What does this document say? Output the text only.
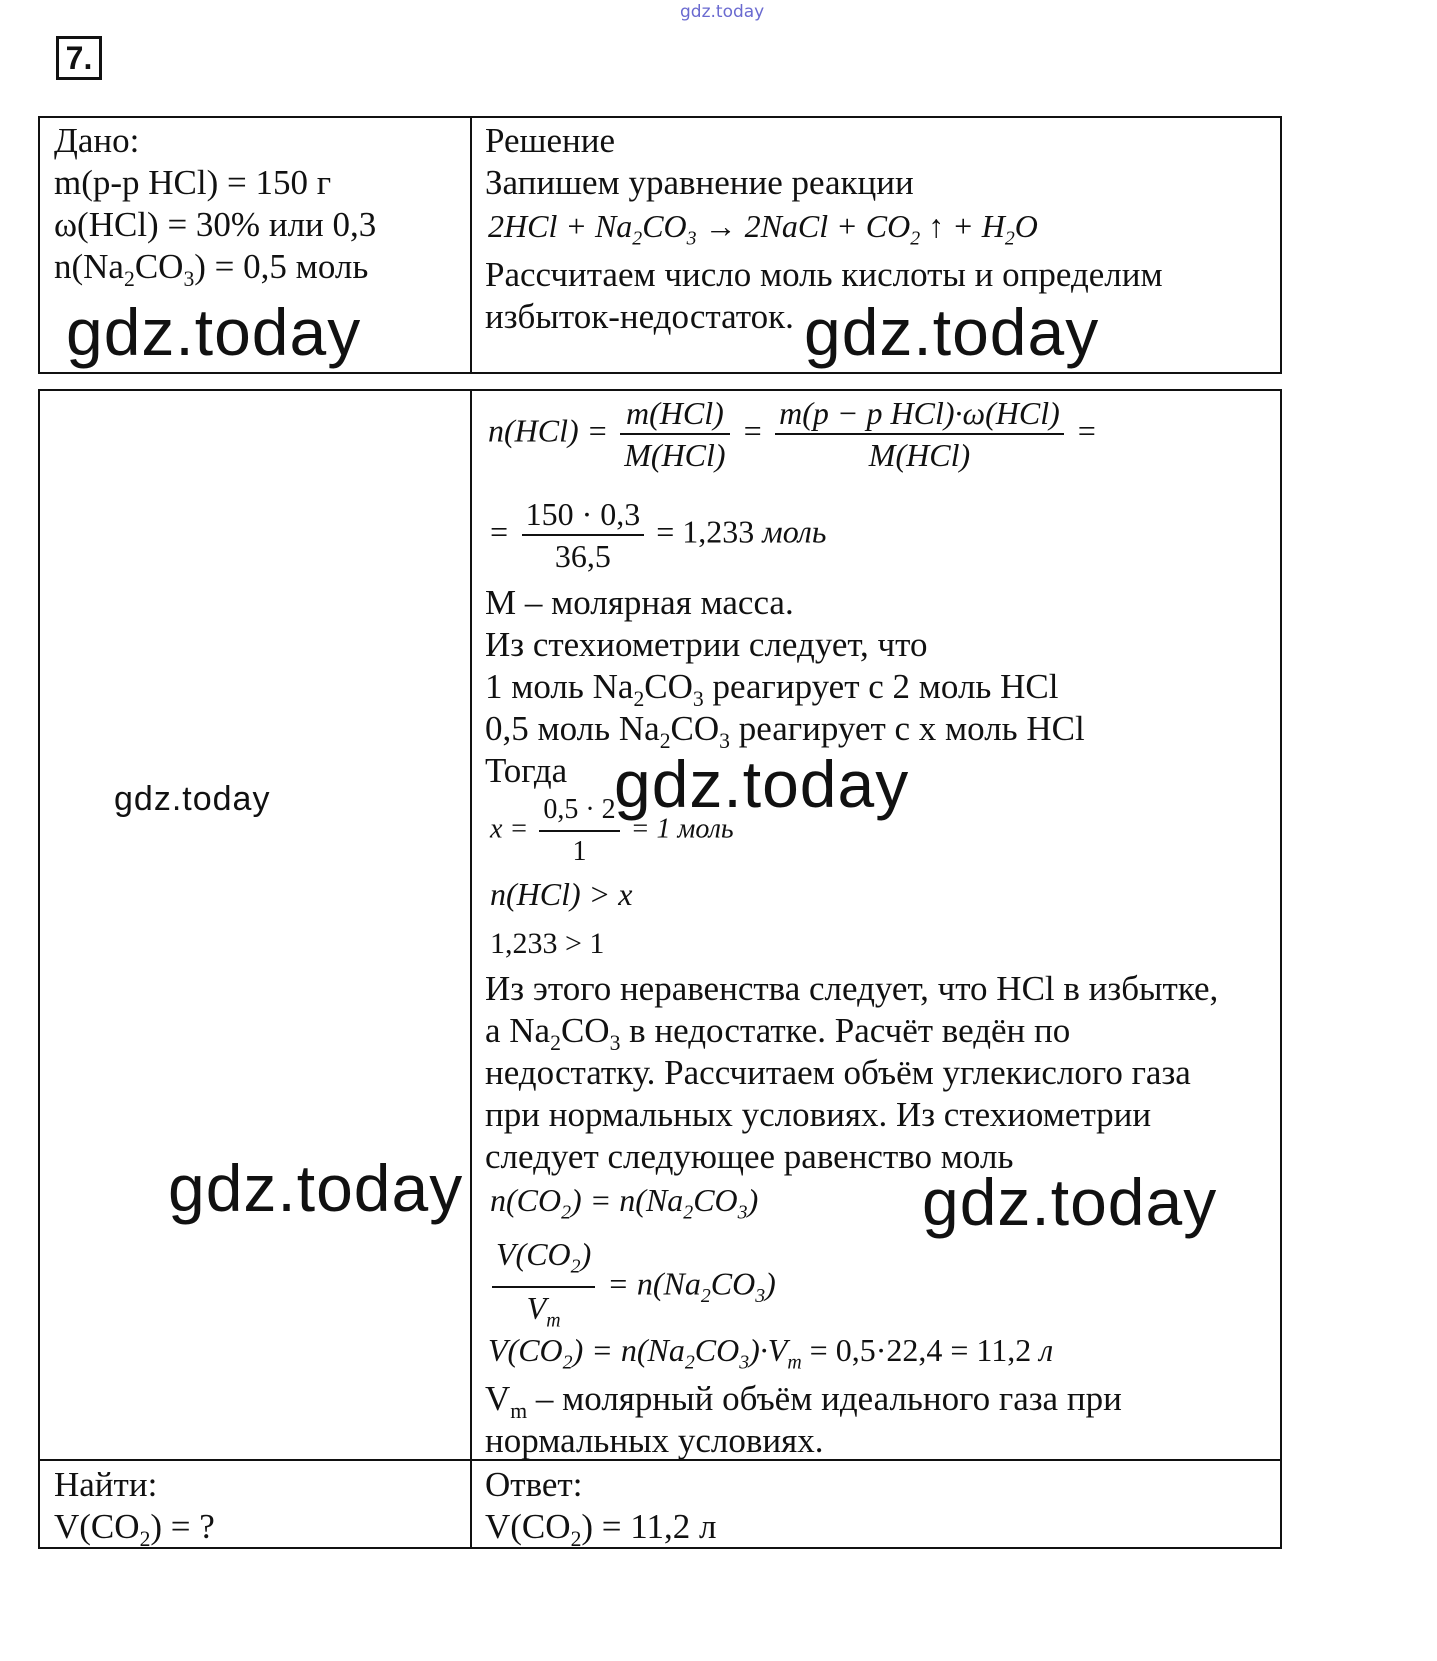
gdz.today
7.
Дано:
m(р-р HCl) = 150 г
ω(HCl) = 30% или 0,3
$n(Na_2CO_3) = 0,5$ моль
Решение
Запишем уравнение реакции
$2HCl + Na_2CO_3$ → 2NaCl + $CO_2$ ↑ + $H_2O$
Рассчитаем число моль кислоты и определим
избыток-недостаток.
$n(HCl) = \frac{\text{m(HCl)}}{\text{M(HCl)}} = \frac{\text{m(p − p HCl)·ω(HCl)}}{\text{M(HCl)}}$ =
= $\frac{150 \cdot 0,3}{36,5} = 1,233$ моль
M – молярная масса.
Из стехиометрии следует, что
1 моль $Na_2CO_3$ реагирует с 2 моль HCl
0,5 моль $Na_2CO_3$ реагирует с х моль HCl
Тогда
$x = \frac{0,5 \cdot 2}{1} = 1$ моль
n(HCl) > x
1,233 > 1
Из этого неравенства следует, что HCl в избытке,
а $Na_2CO_3$ в недостатке. Расчёт ведён по
недостатку. Рассчитаем объём углекислого газа
при нормальных условиях. Из стехиометрии
следует следующее равенство моль
$n(CO_2) = n(Na_2CO_3)$
$\frac{V(CO_2)}{V_m} = n(Na_2CO_3)$
$V(CO_2) = n(Na_2CO_3)\cdot V_m = 0,5\cdot 22,4 = 11,2$ л
$V_m$ – молярный объём идеального газа при
нормальных условиях.
Найти:
$V(CO_2)$ = ?
Ответ:
$V(CO_2) = 11,2$ л
gdz.today	gdz.today
gdz.today	gdz.today
gdz.today	gdz.today
